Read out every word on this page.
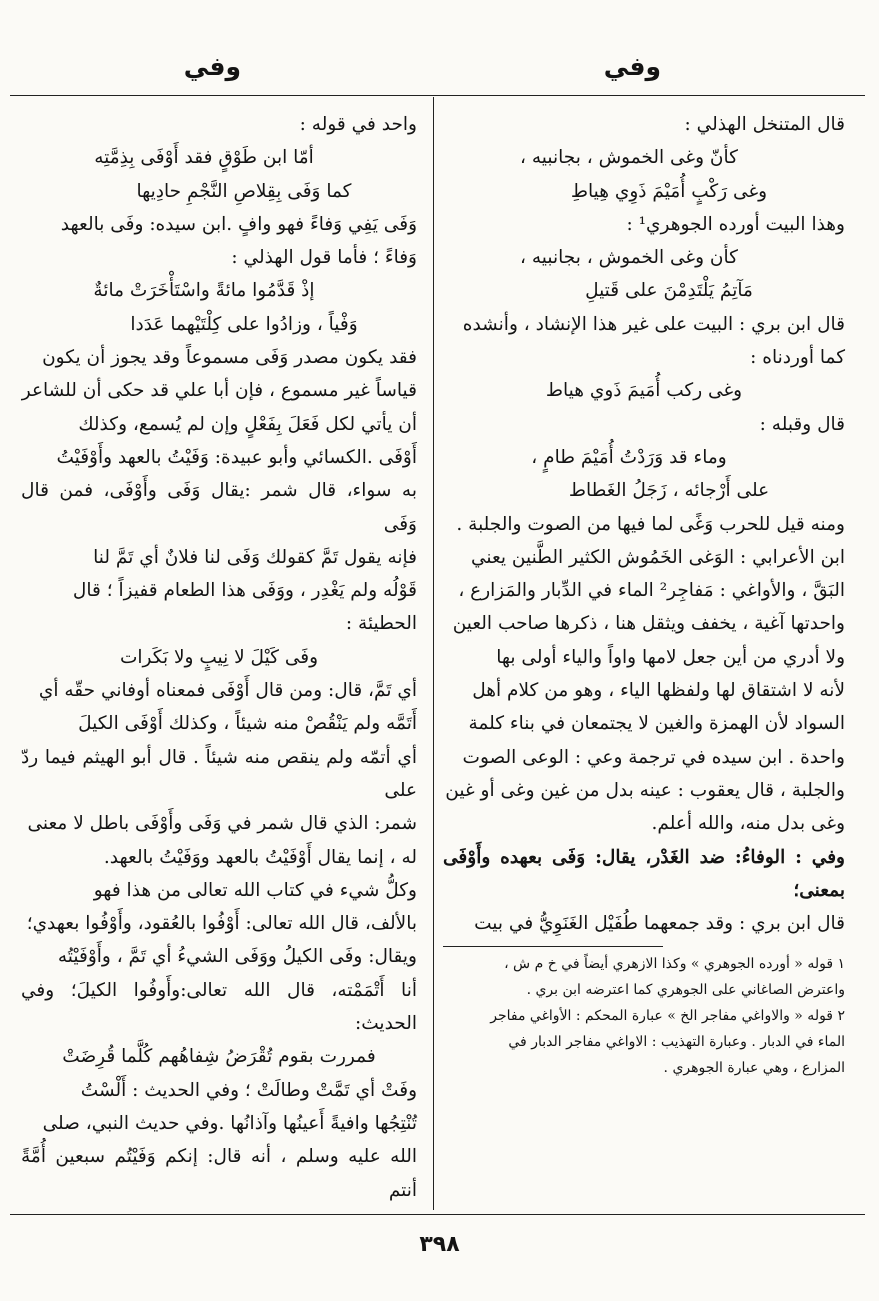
وفي
وفي

قال المتنخل الهذلي :

كأنّ وغى الخموش ، بجانبيه ،

وغى رَكْبٍ أُمَيْمَ ذَوِي هِياطِ

وهذا البيت أورده الجوهري¹ :

كأن وغى الخموش ، بجانبيه ،

مَآتِمُ يَلْتَدِمْنَ على قَتيلِ

قال ابن بري : البيت على غير هذا الإنشاد ، وأنشده

كما أوردناه :

وغى ركب أُمَيمَ ذَوي هياط

قال وقبله :

وماء قد وَرَدْتُ أُمَيْمَ طامٍ ،

على أَرْجائه ، زَجَلُ الغَطاط

ومنه قيل للحرب وَغًى لما فيها من الصوت والجلبة .

ابن الأعرابي : الوَغى الخَمُوش الكثير الطَّنين يعني

البَقَّ ، والأواغي : مَفاجِر² الماء في الدِّبار والمَزارع ،

واحدتها آغية ، يخفف ويثقل هنا ، ذكرها صاحب العين

ولا أدري من أين جعل لامها واواً والياء أولى بها

لأنه لا اشتقاق لها ولفظها الياء ، وهو من كلام أهل

السواد لأن الهمزة والغين لا يجتمعان في بناء كلمة

واحدة . ابن سيده في ترجمة وعي : الوعى الصوت

والجلبة ، قال يعقوب : عينه بدل من غين وغى أو غين

وغى بدل منه، والله أعلم.

وفي : الوفاءُ: ضد الغَدْر، يقال: وَفَى بعهده وأَوْفَى بمعنى؛

قال ابن بري : وقد جمعهما طُفَيْل الغَنَوِيُّ في بيت

١ قوله « أورده الجوهري » وكذا الازهري أيضاً في خ م ش ،

واعترض الصاغاني على الجوهري كما اعترضه ابن بري .

٢ قوله « والاواغي مفاجر الخ » عبارة المحكم : الأواغي مفاجر

الماء في الدبار . وعبارة التهذيب : الاواغي مفاجر الدبار في

المزارع ، وهي عبارة الجوهري .

واحد في قوله :

أمّا ابن طَوْقٍ فقد أَوْفَى بِذِمَّتِه

كما وَفَى بِقِلاصِ النَّجْمِ حادِيها

وَفَى يَفِي وَفاءً فهو وافٍ .ابن سيده: وفَى بالعهد

وَفاءً ؛ فأما قول الهذلي :

إذْ قَدَّمُوا مائةً واسْتَأْخَرَتْ مائةٌ

وَفْياً ، وزادُوا على كِلْتَيْهما عَدَدا

فقد يكون مصدر وَفَى مسموعاً وقد يجوز أن يكون

قياساً غير مسموع ، فإن أبا علي قد حكى أن للشاعر

أن يأتي لكل فَعَلَ بِفَعْلٍ وإن لم يُسمع، وكذلك

أَوْفَى .الكسائي وأبو عبيدة: وَفَيْتُ بالعهد وأَوْفَيْتُ

به سواء، قال شمر :يقال وَفَى وأَوْفَى، فمن قال وَفَى

فإنه يقول تَمَّ كقولك وَفَى لنا فلانٌ أي تَمَّ لنا

قَوْلُه ولم يَغْدِر ، ووَفَى هذا الطعام قفيزاً ؛ قال

الحطيئة :

وفَى كَيْلَ لا نِيبٍ ولا بَكَرات

أي تَمَّ، قال: ومن قال أَوْفَى فمعناه أوفاني حقّه أي

أَتَمَّه ولم يَنْقُصْ منه شيئاً ، وكذلك أَوْفَى الكيلَ

أي أتمّه ولم ينقص منه شيئاً . قال أبو الهيثم فيما ردّ على

شمر: الذي قال شمر في وَفَى وأَوْفَى باطل لا معنى

له ، إنما يقال أَوْفَيْتُ بالعهد ووَفَيْتُ بالعهد.

وكلُّ شيء في كتاب الله تعالى من هذا فهو

بالألف، قال الله تعالى: أَوْفُوا بالعُقود، وأَوْفُوا بعهدي؛

ويقال: وفَى الكيلُ ووَفَى الشيءُ أي تَمَّ ، وأَوْفَيْتُه

أنا أَتْمَمْته، قال الله تعالى:وأَوفُوا الكيلَ؛ وفي الحديث:

فمررت بقوم تُقْرَضُ شِفاهُهم كُلَّما قُرِضَتْ

وفَتْ أي تَمَّتْ وطالَتْ ؛ وفي الحديث : أَلْسْتُ

تُنْتِجُها وافيةً أَعينُها وآذانُها .وفي حديث النبي، صلى

الله عليه وسلم ، أنه قال: إنكم وَفَيْتُم سبعين أُمَّةً أنتم

٣٩٨
